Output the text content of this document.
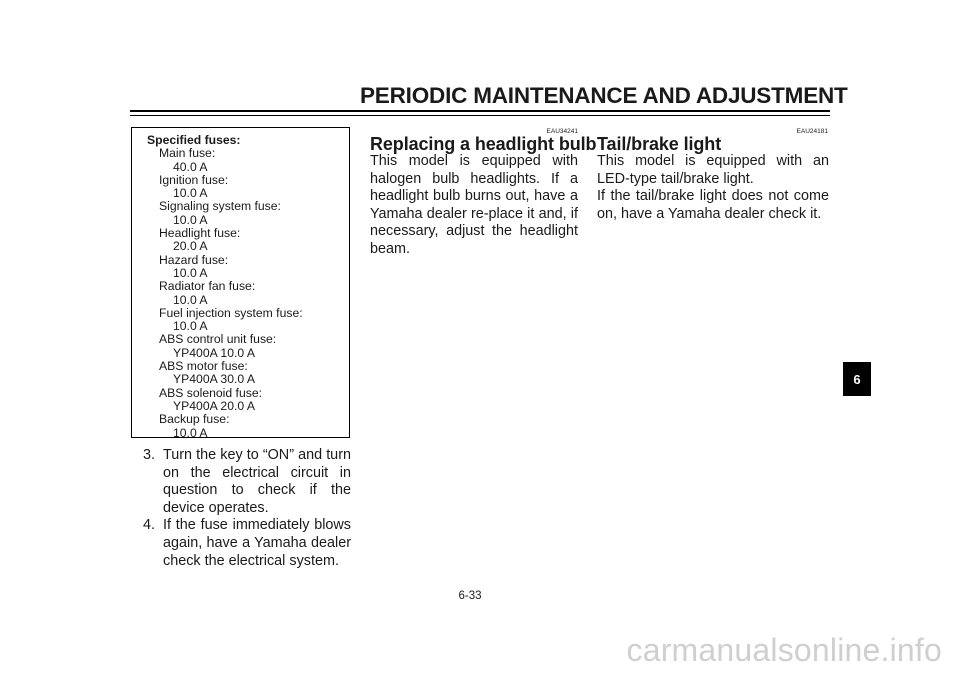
PERIODIC MAINTENANCE AND ADJUSTMENT
Specified fuses:
Main fuse:
40.0 A
Ignition fuse:
10.0 A
Signaling system fuse:
10.0 A
Headlight fuse:
20.0 A
Hazard fuse:
10.0 A
Radiator fan fuse:
10.0 A
Fuel injection system fuse:
10.0 A
ABS control unit fuse:
YP400A 10.0 A
ABS motor fuse:
YP400A 30.0 A
ABS solenoid fuse:
YP400A 20.0 A
Backup fuse:
10.0 A
3. Turn the key to “ON” and turn on the electrical circuit in question to check if the device operates.
4. If the fuse immediately blows again, have a Yamaha dealer check the electrical system.
EAU34241
Replacing a headlight bulb

This model is equipped with halogen bulb headlights. If a headlight bulb burns out, have a Yamaha dealer re-place it and, if necessary, adjust the headlight beam.

EAU24181
Tail/brake light

This model is equipped with an LED-type tail/brake light.

If the tail/brake light does not come on, have a Yamaha dealer check it.

6
6-33
carmanualsonline.info
